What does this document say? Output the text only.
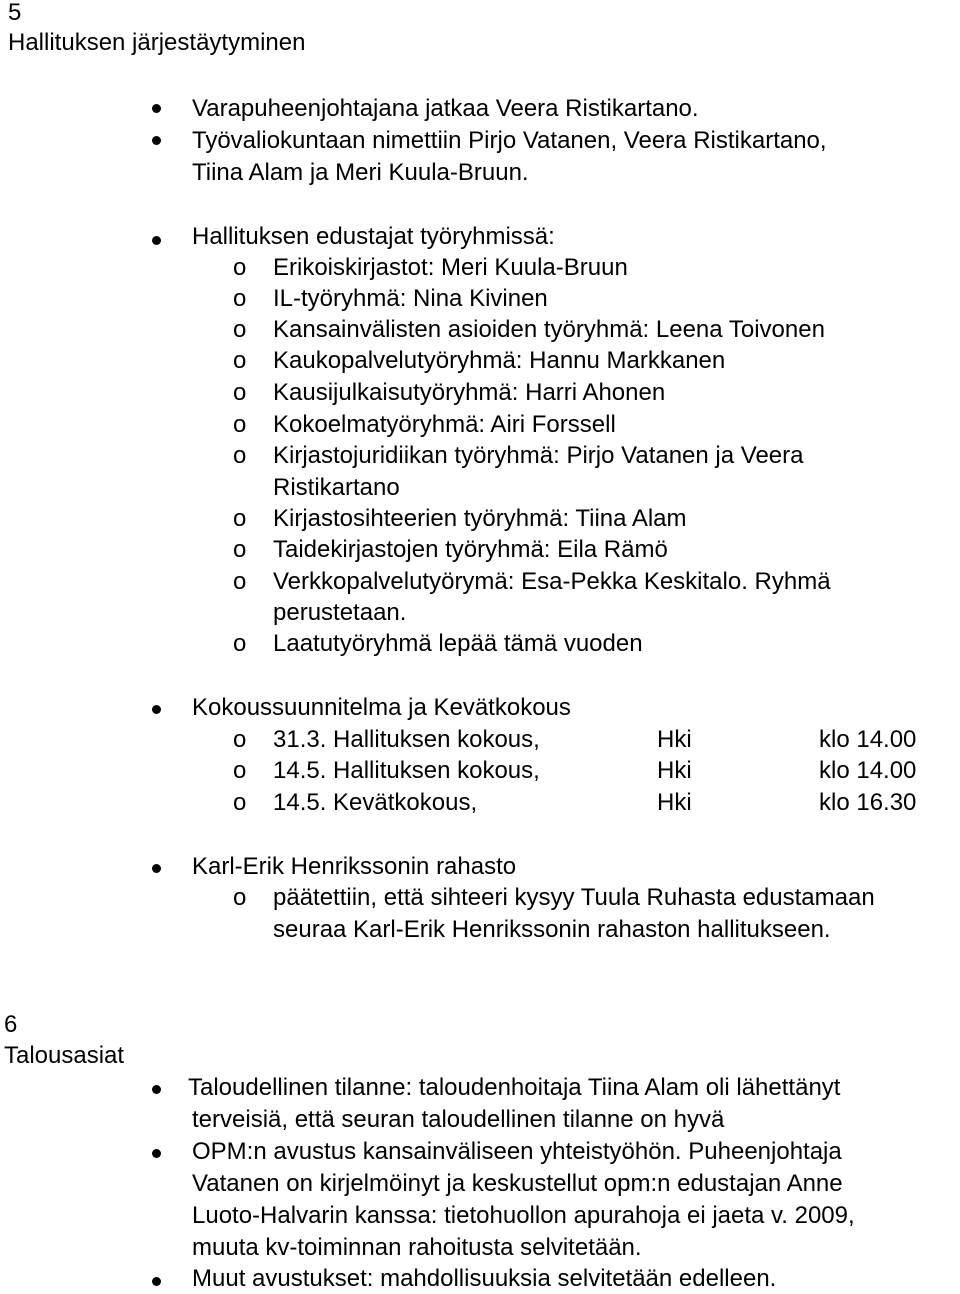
5
Hallituksen järjestäytyminen
Varapuheenjohtajana jatkaa Veera Ristikartano.
Työvaliokuntaan nimettiin Pirjo Vatanen, Veera Ristikartano,
Tiina Alam ja Meri Kuula-Bruun.
Hallituksen edustajat työryhmissä:
o Erikoiskirjastot: Meri Kuula-Bruun
o IL-työryhmä: Nina Kivinen
o Kansainvälisten asioiden työryhmä: Leena Toivonen
o Kaukopalvelutyöryhmä: Hannu Markkanen
o Kausijulkaisutyöryhmä: Harri Ahonen
o Kokoelmatyöryhmä: Airi Forssell
o Kirjastojuridiikan työryhmä: Pirjo Vatanen ja Veera
Ristikartano
o Kirjastosihteerien työryhmä: Tiina Alam
o Taidekirjastojen työryhmä: Eila Rämö
o Verkkopalvelutyörymä: Esa-Pekka Keskitalo. Ryhmä
perustetaan.
o Laatutyöryhmä lepää tämä vuoden
Kokoussuunnitelma ja Kevätkokous
o 31.3. Hallituksen kokous,	Hki	klo 14.00
o 14.5. Hallituksen kokous,	Hki	klo 14.00
o 14.5. Kevätkokous,	Hki	klo 16.30
Karl-Erik Henrikssonin rahasto
o päätettiin, että sihteeri kysyy Tuula Ruhasta edustamaan
seuraa Karl-Erik Henrikssonin rahaston hallitukseen.
6
Talousasiat
Taloudellinen tilanne: taloudenhoitaja Tiina Alam oli lähettänyt
terveisiä, että seuran taloudellinen tilanne on hyvä
OPM:n avustus kansainväliseen yhteistyöhön. Puheenjohtaja
Vatanen on kirjelmöinyt ja keskustellut opm:n edustajan Anne
Luoto-Halvarin kanssa: tietohuollon apurahoja ei jaeta v. 2009,
muuta kv-toiminnan rahoitusta selvitetään.
Muut avustukset: mahdollisuuksia selvitetään edelleen.
